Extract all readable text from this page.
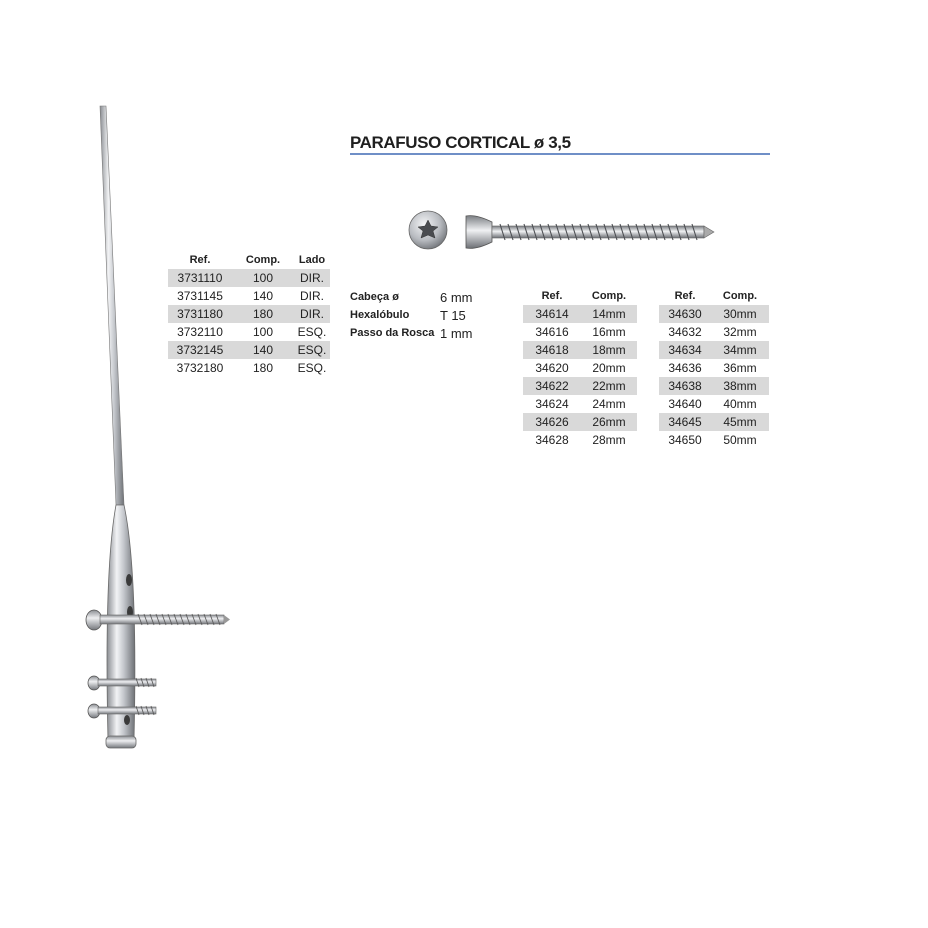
PARAFUSO CORTICAL ø 3,5
Ref.	Comp.	Lado
3731110	100	DIR.
3731145	140	DIR.
3731180	180	DIR.
3732110	100	ESQ.
3732145	140	ESQ.
3732180	180	ESQ.
Cabeça ø	6 mm
Hexalóbulo	T 15
Passo da Rosca 1 mm
Ref.	Comp.		Ref.	Comp.
34614	14mm		34630	30mm
34616	16mm		34632	32mm
34618	18mm		34634	34mm
34620	20mm		34636	36mm
34622	22mm		34638	38mm
34624	24mm		34640	40mm
34626	26mm		34645	45mm
34628	28mm		34650	50mm
